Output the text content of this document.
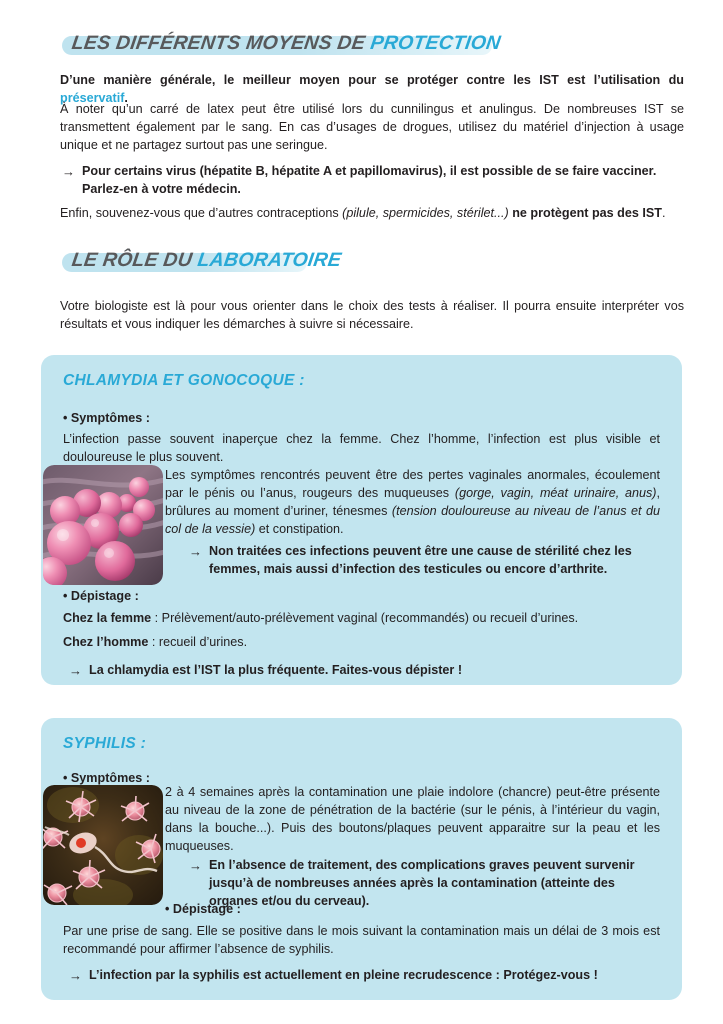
LES DIFFÉRENTS MOYENS DE PROTECTION

D’une manière générale, le meilleur moyen pour se protéger contre les IST est l’utilisation du préservatif.

À noter qu’un carré de latex peut être utilisé lors du cunnilingus et anulingus. De nombreuses IST se transmettent également par le sang. En cas d’usages de drogues, utilisez du matériel d’injection à usage unique et ne partagez surtout pas une seringue.

→ Pour certains virus (hépatite B, hépatite A et papillomavirus), il est possible de se faire vacciner. Parlez-en à votre médecin.

Enfin, souvenez-vous que d’autres contraceptions (pilule, spermicides, stérilet...) ne protègent pas des IST.

LE RÔLE DU LABORATOIRE

Votre biologiste est là pour vous orienter dans le choix des tests à réaliser. Il pourra ensuite interpréter vos résultats et vous indiquer les démarches à suivre si nécessaire.

CHLAMYDIA ET GONOCOQUE :
• Symptômes :

L’infection passe souvent inaperçue chez la femme. Chez l’homme, l’infection est plus visible et douloureuse le plus souvent.

Les symptômes rencontrés peuvent être des pertes vaginales anormales, écoulement par le pénis ou l’anus, rougeurs des muqueuses (gorge, vagin, méat urinaire, anus), brûlures au moment d’uriner, ténesmes (tension douloureuse au niveau de l’anus et du col de la vessie) et constipation.

→ Non traitées ces infections peuvent être une cause de stérilité chez les femmes, mais aussi d’infection des testicules ou encore d’arthrite.
• Dépistage :

Chez la femme : Prélèvement/auto-prélèvement vaginal (recommandés) ou recueil d’urines.

Chez l’homme : recueil d’urines.

→ La chlamydia est l’IST la plus fréquente. Faites-vous dépister !
SYPHILIS :
• Symptômes :

2 à 4 semaines après la contamination une plaie indolore (chancre) peut-être présente au niveau de la zone de pénétration de la bactérie (sur le pénis, à l’intérieur du vagin, dans la bouche...). Puis des boutons/plaques peuvent apparaitre sur la peau et les muqueuses.

→ En l’absence de traitement, des complications graves peuvent survenir jusqu’à de nombreuses années après la contamination (atteinte des organes et/ou du cerveau).
• Dépistage :

Par une prise de sang. Elle se positive dans le mois suivant la contamination mais un délai de 3 mois est recommandé pour affirmer l’absence de syphilis.

→ L’infection par la syphilis est actuellement en pleine recrudescence : Protégez-vous !
